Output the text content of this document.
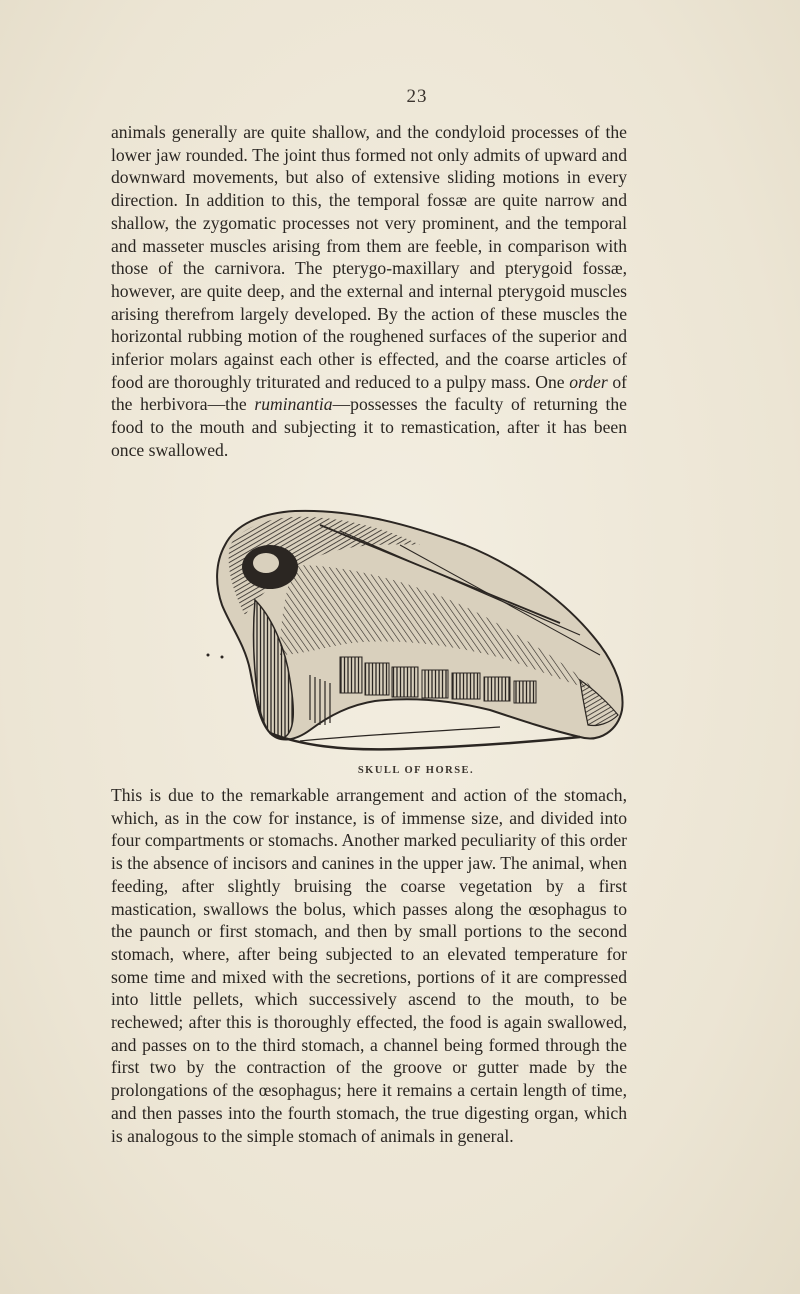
23

animals generally are quite shallow, and the condyloid processes of the lower jaw rounded. The joint thus formed not only admits of upward and downward movements, but also of extensive sliding motions in every direction. In addition to this, the temporal fossæ are quite narrow and shallow, the zygomatic processes not very prominent, and the temporal and masseter muscles arising from them are feeble, in comparison with those of the carnivora. The pterygo-maxillary and pterygoid fossæ, however, are quite deep, and the external and internal pterygoid muscles arising therefrom largely developed. By the action of these muscles the horizontal rubbing motion of the roughened surfaces of the superior and inferior molars against each other is effected, and the coarse articles of food are thoroughly triturated and reduced to a pulpy mass. One order of the herbivora—the ruminantia—possesses the faculty of returning the food to the mouth and subjecting it to remastication, after it has been once swallowed.

SKULL OF HORSE.

This is due to the remarkable arrangement and action of the stomach, which, as in the cow for instance, is of immense size, and divided into four compartments or stomachs. Another marked peculiarity of this order is the absence of incisors and canines in the upper jaw. The animal, when feeding, after slightly bruising the coarse vegetation by a first mastication, swallows the bolus, which passes along the œsophagus to the paunch or first stomach, and then by small portions to the second stomach, where, after being subjected to an elevated temperature for some time and mixed with the secretions, portions of it are compressed into little pellets, which successively ascend to the mouth, to be rechewed; after this is thoroughly effected, the food is again swallowed, and passes on to the third stomach, a channel being formed through the first two by the contraction of the groove or gutter made by the prolongations of the œsophagus; here it remains a certain length of time, and then passes into the fourth stomach, the true digesting organ, which is analogous to the simple stomach of animals in general.
